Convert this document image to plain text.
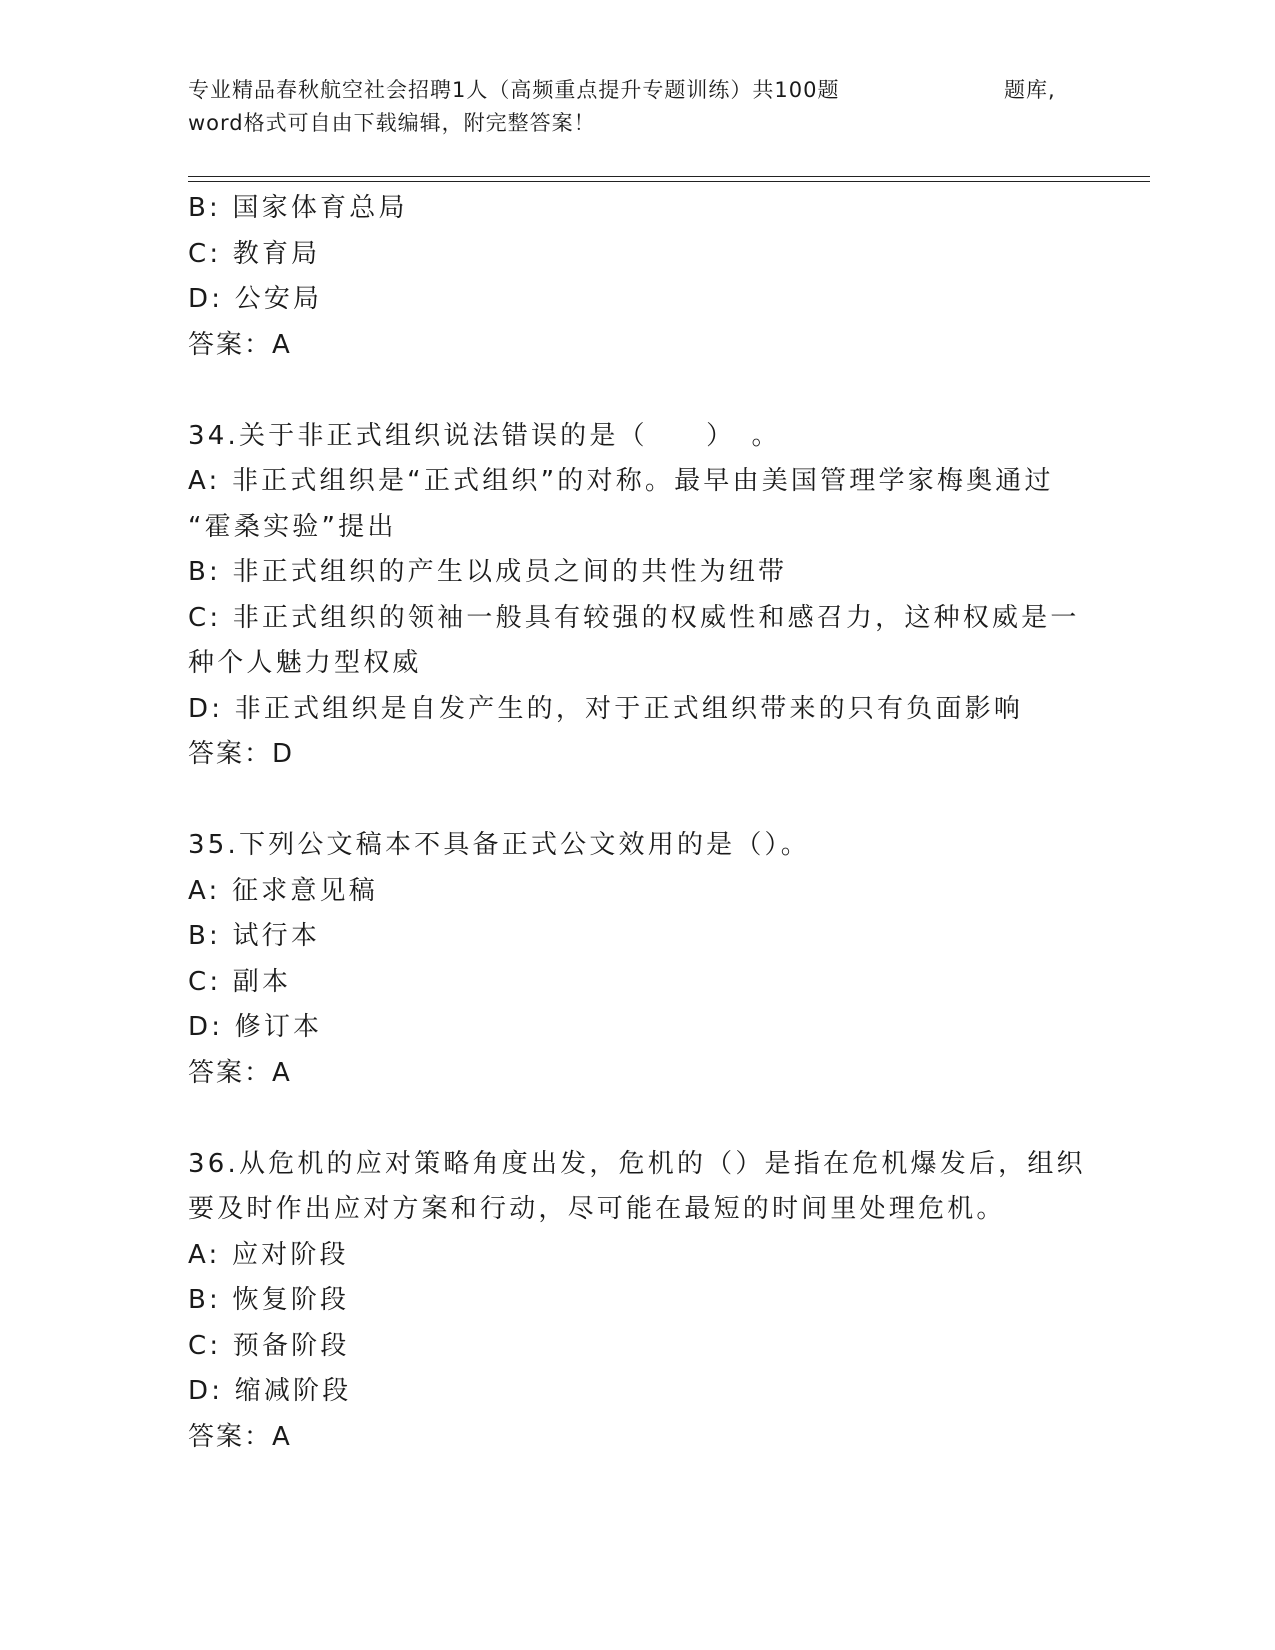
专业精品春秋航空社会招聘1人（高频重点提升专题训练）共100题	题库,
word格式可自由下载编辑，附完整答案！
B: 国家体育总局
C: 教育局
D: 公安局
答案：A
34.关于非正式组织说法错误的是（　　）　。
A: 非正式组织是“正式组织”的对称。最早由美国管理学家梅奥通过
“霍桑实验”提出
B: 非正式组织的产生以成员之间的共性为纽带
C: 非正式组织的领袖一般具有较强的权威性和感召力，这种权威是一
种个人魅力型权威
D: 非正式组织是自发产生的，对于正式组织带来的只有负面影响
答案：D
35.下列公文稿本不具备正式公文效用的是（）。
A: 征求意见稿
B: 试行本
C: 副本
D: 修订本
答案：A
36.从危机的应对策略角度出发，危机的（）是指在危机爆发后，组织
要及时作出应对方案和行动，尽可能在最短的时间里处理危机。
A: 应对阶段
B: 恢复阶段
C: 预备阶段
D: 缩减阶段
答案：A
